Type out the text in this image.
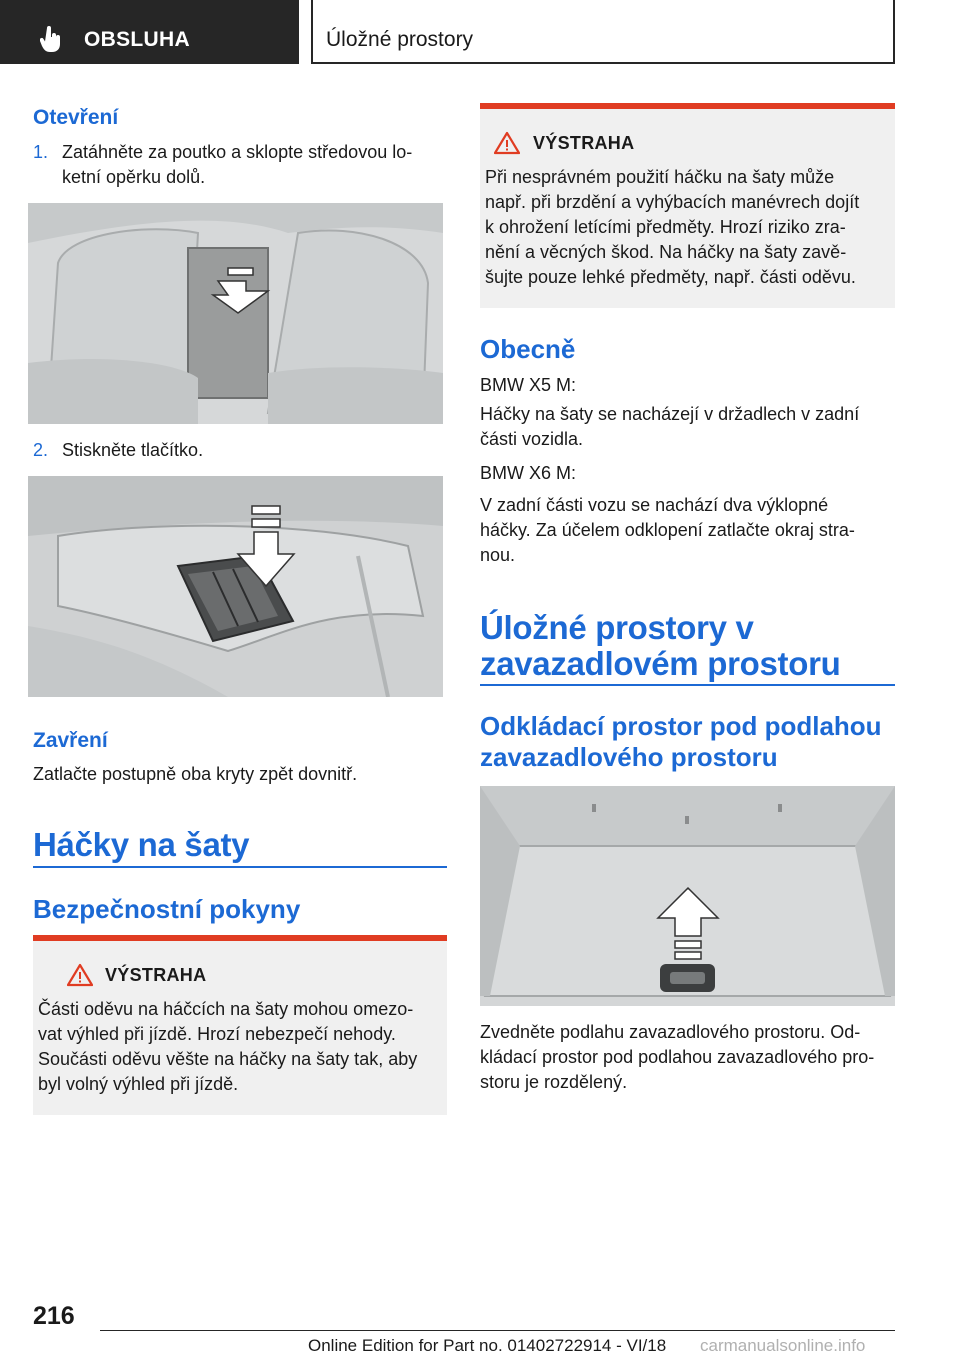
OBSLUHA	Úložné prostory
Otevření
1. Zatáhněte za poutko a sklopte středovou lo-
ketní opěrku dolů.
2. Stiskněte tlačítko.
Zavření
Zatlačte postupně oba kryty zpět dovnitř.
Háčky na šaty
Bezpečnostní pokyny
VÝSTRAHA
Části oděvu na háčcích na šaty mohou omezo-
vat výhled při jízdě. Hrozí nebezpečí nehody.
Součásti oděvu věšte na háčky na šaty tak, aby
byl volný výhled při jízdě.
VÝSTRAHA
Při nesprávném použití háčku na šaty může
např. při brzdění a vyhýbacích manévrech dojít
k ohrožení letícími předměty. Hrozí riziko zra-
nění a věcných škod. Na háčky na šaty zavě-
šujte pouze lehké předměty, např. části oděvu.
Obecně
BMW X5 M:
Háčky na šaty se nacházejí v držadlech v zadní
části vozidla.
BMW X6 M:
V zadní části vozu se nachází dva výklopné
háčky. Za účelem odklopení zatlačte okraj stra-
nou.
Úložné prostory v
zavazadlovém prostoru
Odkládací prostor pod podlahou
zavazadlového prostoru
Zvedněte podlahu zavazadlového prostoru. Od-
kládací prostor pod podlahou zavazadlového pro-
storu je rozdělený.
216
Online Edition for Part no. 01402722914 - VI/18 carmanualsonline.info
